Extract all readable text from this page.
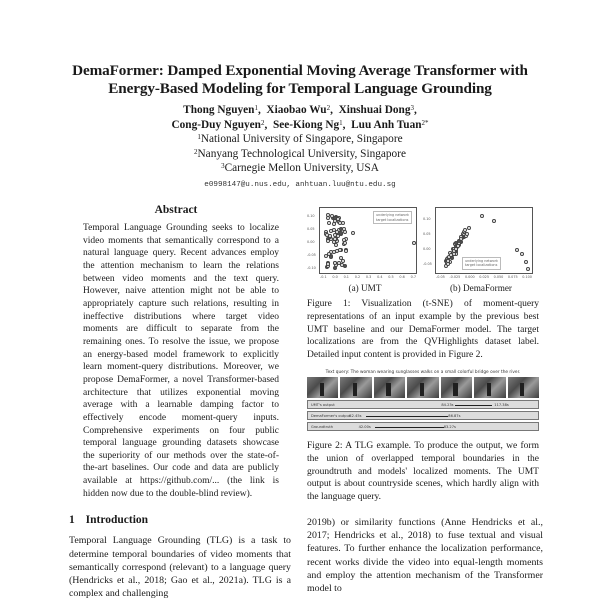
DemaFormer: Damped Exponential Moving Average Transformer with
Energy-Based Modeling for Temporal Language Grounding
Thong Nguyen$^1$,  Xiaobao Wu$^2$,  Xinshuai Dong$^3$,
Cong-Duy Nguyen$^2$,  See-Kiong Ng$^1$,  Luu Anh Tuan$^{2*}$
$^1$National University of Singapore, Singapore
$^2$Nanyang Technological University, Singapore
$^3$Carnegie Mellon University, USA
e0998147@u.nus.edu, anhtuan.luu@ntu.edu.sg
Abstract
Temporal Language Grounding seeks to localize video moments that semantically correspond to a natural language query. Recent advances employ the attention mechanism to learn the relations between video moments and the text query. However, naive attention might not be able to appropriately capture such relations, resulting in ineffective distributions where target video moments are difficult to separate from the remaining ones. To resolve the issue, we propose an energy-based model framework to explicitly learn moment-query distributions. Moreover, we propose DemaFormer, a novel Transformer-based architecture that utilizes exponential moving average with a learnable damping factor to effectively encode moment-query inputs. Comprehensive experiments on four public temporal language grounding datasets showcase the superiority of our methods over the state-of-the-art baselines. Our code and data are publicly available at https://github.com/... (the link is hidden now due to the double-blind review).
1 Introduction
Temporal Language Grounding (TLG) is a task to determine temporal boundaries of video moments that semantically correspond (relevant) to a language query (Hendricks et al., 2018; Gao et al., 2021a). TLG is a complex and challenging
0.10
0.05
0.00
-0.05
-0.10
-0.1 0.0 0.1 0.2 0.3 0.4 0.5 0.6 0.7
underlying network
target localizations
(a) UMT
0.10
0.05
0.00
-0.05
-0.05 -0.025 0.000 0.025 0.050 0.075 0.100
underlying network
target localizations
(b) DemaFormer
Figure 1: Visualization (t-SNE) of moment-query representations of an input example by the previous best UMT baseline and our DemaFormer model. The target localizations are from the QVHighlights dataset label. Detailed input content is provided in Figure 2.
Text query: The woman wearing sunglasses walks on a small colorful bridge over the river.
UMT's output	84.23s	117.38s
DemaFormer's output 42.45s	86.87s
Groundtruth	42.00s	83.27s
Figure 2: A TLG example. To produce the output, we form the union of overlapped temporal boundaries in the groundtruth and models' localized moments. The UMT output is about countryside scenes, which hardly align with the language query.
2019b) or similarity functions (Anne Hendricks et al., 2017; Hendricks et al., 2018) to fuse textual and visual features. To further enhance the localization performance, recent works divide the video into equal-length moments and employ the attention mechanism of the Transformer model to
